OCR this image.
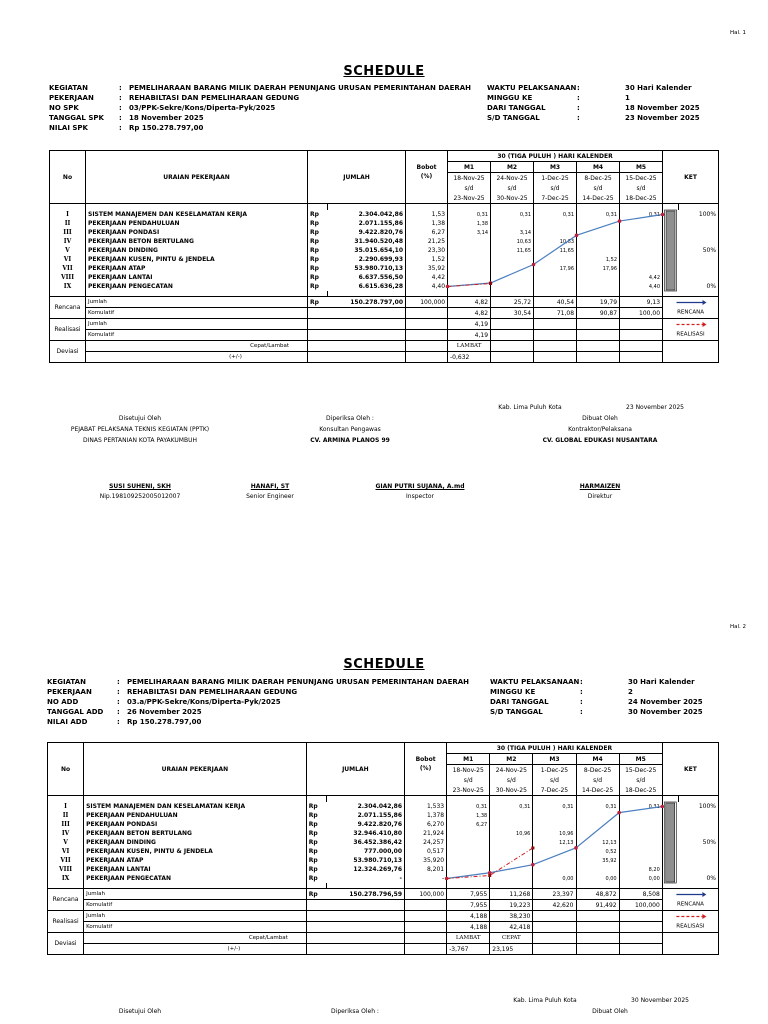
Hal. 1
SCHEDULE
KEGIATAN	: PEMELIHARAAN BARANG MILIK DAERAH PENUNJANG URUSAN PEMERINTAHAN DAERAH
PEKERJAAN	: REHABILTASI DAN PEMELIHARAAN GEDUNG
NO SPK	: 03/PPK-Sekre/Kons/Diperta-Pyk/2025
TANGGAL SPK : 18 November 2025
NILAI SPK	: Rp 150.278.797,00
WAKTU PELAKSANAAN :	30 Hari Kalender
MINGGU KE	:	1
DARI TANGGAL	:	18 November 2025
S/D TANGGAL	:	23 November 2025
No	URAIAN PEKERJAAN	JUMLAH		Bobot
(%)	30 (TIGA PULUH ) HARI KALENDER					KET	
					M1	M2	M3	M4	M5		
					18-Nov-25	24-Nov-25	1-Dec-25	8-Dec-25	15-Dec-25		
					s/d	s/d	s/d	s/d	s/d		
					23-Nov-25	30-Nov-25	7-Dec-25	14-Dec-25	18-Dec-25		

I	SISTEM MANAJEMEN DAN KESELAMATAN KERJA	Rp	2.304.042,86	1,53	0,31	0,31	0,31	0,31	0,31		100%
II	PEKERJAAN PENDAHULUAN	Rp	2.071.155,86	1,38	1,38						
III	PEKERJAAN PONDASI	Rp	9.422.820,76	6,27	3,14	3,14					
IV	PEKERJAAN BETON BERTULANG	Rp	31.940.520,48	21,25		10,63	10,63				
V	PEKERJAAN DINDING	Rp	35.015.654,10	23,30		11,65	11,65				50%
VI	PEKERJAAN KUSEN, PINTU & JENDELA	Rp	2.290.699,93	1,52				1,52			
VII	PEKERJAAN ATAP	Rp	53.980.710,13	35,92			17,96	17,96			
VIII	PEKERJAAN LANTAI	Rp	6.637.556,50	4,42					4,42		
IX	PEKERJAAN PENGECATAN	Rp	6.615.636,28	4,40					4,40		0%

Rencana	Jumlah	Rp	150.278.797,00	100,000	4,82	25,72	40,54	19,79	9,13		
	Komulatif				4,82	30,54	71,08	90,87	100,00		
Realisasi	Jumlah				4,19						
	Komulatif				4,19						
Deviasi	Cepat/Lambat				LAMBAT						
	(+/-)				-0,632						
RENCANA
REALISASI
Kab. Lima Puluh Kota	23 November 2025
Disetujui Oleh
PEJABAT PELAKSANA TEKNIS KEGIATAN (PPTK)
DINAS PERTANIAN KOTA PAYAKUMBUH
Diperiksa Oleh :
Konsultan Pengawas
CV. ARMINA PLANOS 99
Dibuat Oleh
Kontraktor/Pelaksana
CV. GLOBAL EDUKASI NUSANTARA
SUSI SUHENI, SKH
Nip.198109252005012007
HANAFI, ST
Senior Engineer
GIAN PUTRI SUJANA, A.md
Inspector
HARMAIZEN
Direktur
Hal. 2
SCHEDULE
KEGIATAN	: PEMELIHARAAN BARANG MILIK DAERAH PENUNJANG URUSAN PEMERINTAHAN DAERAH
PEKERJAAN	: REHABILTASI DAN PEMELIHARAAN GEDUNG
NO ADD	: 03.a/PPK-Sekre/Kons/Diperta-Pyk/2025
TANGGAL ADD : 26 November 2025
NILAI ADD	: Rp 150.278.797,00
WAKTU PELAKSANAAN :	30 Hari Kalender
MINGGU KE	:	2
DARI TANGGAL	:	24 November 2025
S/D TANGGAL	:	30 November 2025
No	URAIAN PEKERJAAN	JUMLAH		Bobot
(%)	30 (TIGA PULUH ) HARI KALENDER					KET	
					M1	M2	M3	M4	M5		
					18-Nov-25	24-Nov-25	1-Dec-25	8-Dec-25	15-Dec-25		
					s/d	s/d	s/d	s/d	s/d		
					23-Nov-25	30-Nov-25	7-Dec-25	14-Dec-25	18-Dec-25		

I	SISTEM MANAJEMEN DAN KESELAMATAN KERJA	Rp	2.304.042,86	1,533	0,31	0,31	0,31	0,31	0,31		100%
II	PEKERJAAN PENDAHULUAN	Rp	2.071.155,86	1,378	1,38						
III	PEKERJAAN PONDASI	Rp	9.422.820,76	6,270	6,27						
IV	PEKERJAAN BETON BERTULANG	Rp	32.946.410,80	21,924		10,96	10,96				
V	PEKERJAAN DINDING	Rp	36.452.386,42	24,257			12,13	12,13			50%
VI	PEKERJAAN KUSEN, PINTU & JENDELA	Rp	777.000,00	0,517				0,52			
VII	PEKERJAAN ATAP	Rp	53.980.710,13	35,920				35,92			
VIII	PEKERJAAN LANTAI	Rp	12.324.269,76	8,201					8,20		
IX	PEKERJAAN PENGECATAN	Rp	-	-			0,00	0,00	0,00		0%

Rencana	Jumlah	Rp	150.278.796,59	100,000	7,955	11,268	23,397	48,872	8,508		
	Komulatif				7,955	19,223	42,620	91,492	100,000		
Realisasi	Jumlah				4,188	38,230					
	Komulatif				4,188	42,418					
Deviasi	Cepat/Lambat				LAMBAT	CEPAT					
	(+/-)				-3,767	23,195					
RENCANA
REALISASI
Kab. Lima Puluh Kota	30 November 2025
Disetujui Oleh	Diperiksa Oleh :	Dibuat Oleh
